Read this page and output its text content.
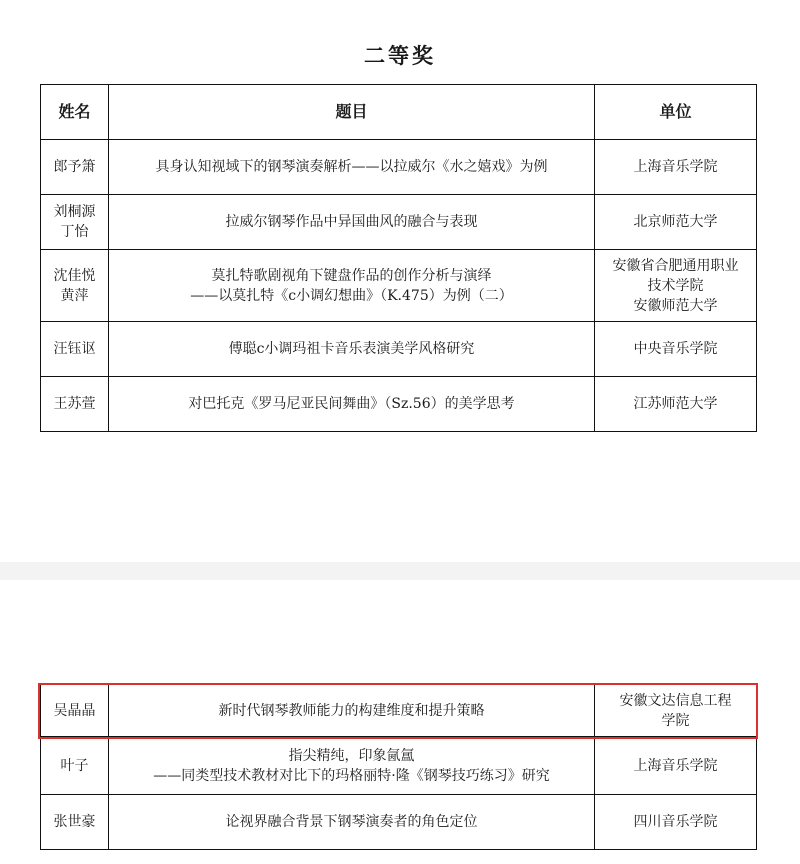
二等奖
姓名	题目	单位

郎予箫	具身认知视域下的钢琴演奏解析——以拉威尔《水之嬉戏》为例	上海音乐学院

刘桐源
丁怡	拉威尔钢琴作品中异国曲风的融合与表现	北京师范大学

沈佳悦
黄萍	莫扎特歌剧视角下键盘作品的创作分析与演绎
——以莫扎特《c小调幻想曲》（K.475）为例（二）	安徽省合肥通用职业
技术学院
安徽师范大学

汪钰讴	傅聪c小调玛祖卡音乐表演美学风格研究	中央音乐学院

王苏萱	对巴托克《罗马尼亚民间舞曲》（Sz.56）的美学思考	江苏师范大学
吴晶晶	新时代钢琴教师能力的构建维度和提升策略	安徽文达信息工程
学院

叶子	指尖精纯，印象氤氲
——同类型技术教材对比下的玛格丽特·隆《钢琴技巧练习》研究	上海音乐学院

张世豪	论视界融合背景下钢琴演奏者的角色定位	四川音乐学院
